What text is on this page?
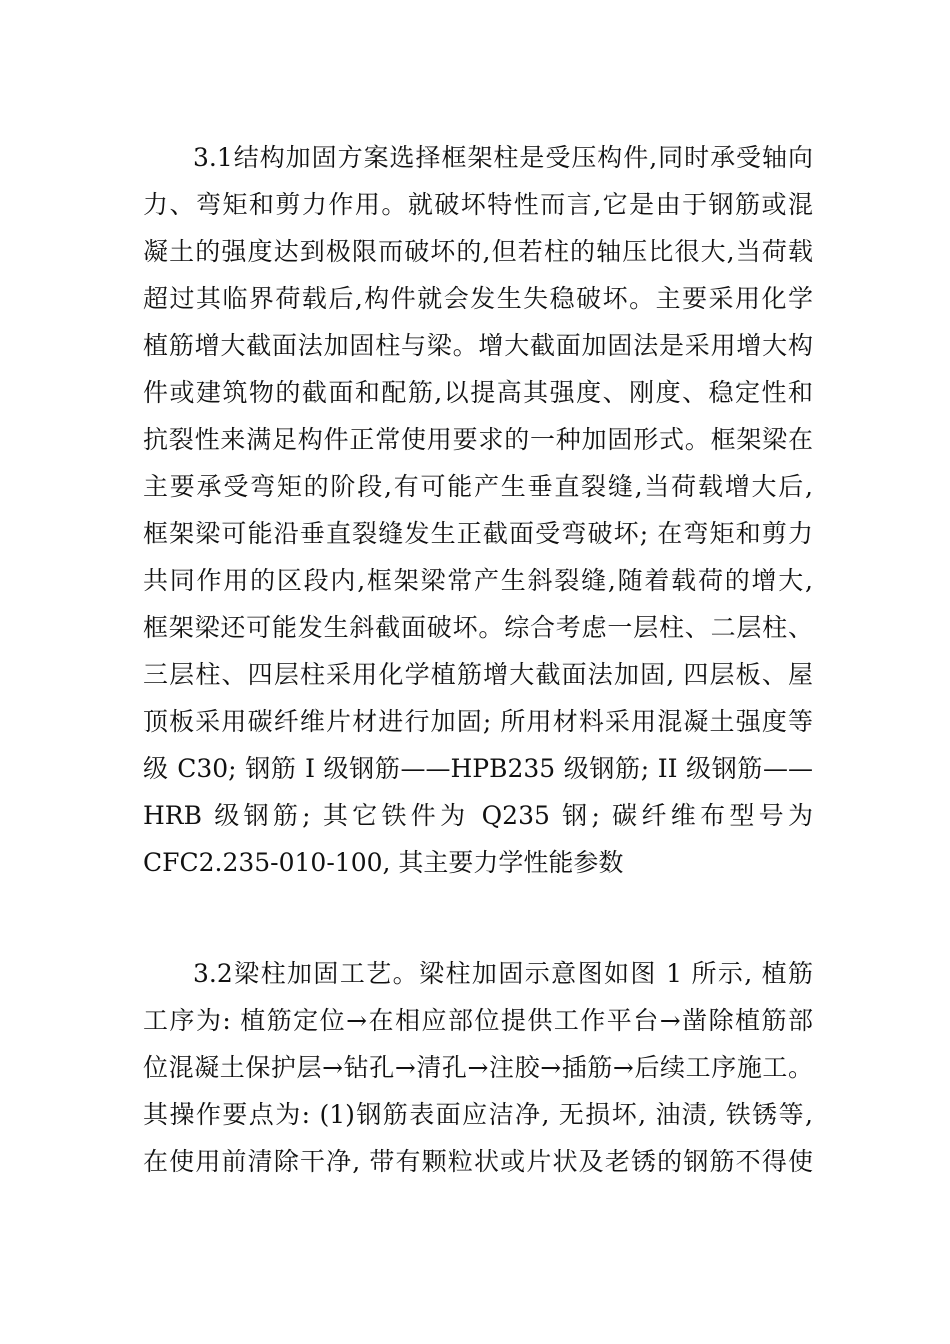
3.1结构加固方案选择框架柱是受压构件,同时承受轴向
力、弯矩和剪力作用。就破坏特性而言,它是由于钢筋或混
凝土的强度达到极限而破坏的,但若柱的轴压比很大,当荷载
超过其临界荷载后,构件就会发生失稳破坏。主要采用化学
植筋增大截面法加固柱与梁。增大截面加固法是采用增大构
件或建筑物的截面和配筋,以提高其强度、刚度、稳定性和
抗裂性来满足构件正常使用要求的一种加固形式。框架梁在
主要承受弯矩的阶段,有可能产生垂直裂缝,当荷载增大后,
框架梁可能沿垂直裂缝发生正截面受弯破坏; 在弯矩和剪力
共同作用的区段内,框架梁常产生斜裂缝,随着载荷的增大,
框架梁还可能发生斜截面破坏。综合考虑一层柱、二层柱、
三层柱、四层柱采用化学植筋增大截面法加固, 四层板、屋
顶板采用碳纤维片材进行加固; 所用材料采用混凝土强度等
级 C30; 钢筋 I 级钢筋——HPB235 级钢筋; II 级钢筋——
HRB 级钢筋; 其它铁件为 Q235 钢; 碳纤维布型号为
CFC2.235-010-100, 其主要力学性能参数
3.2梁柱加固工艺。梁柱加固示意图如图 1 所示, 植筋
工序为: 植筋定位→在相应部位提供工作平台→凿除植筋部
位混凝土保护层→钻孔→清孔→注胶→插筋→后续工序施工。
其操作要点为: (1)钢筋表面应洁净, 无损坏, 油渍, 铁锈等,
在使用前清除干净, 带有颗粒状或片状及老锈的钢筋不得使
